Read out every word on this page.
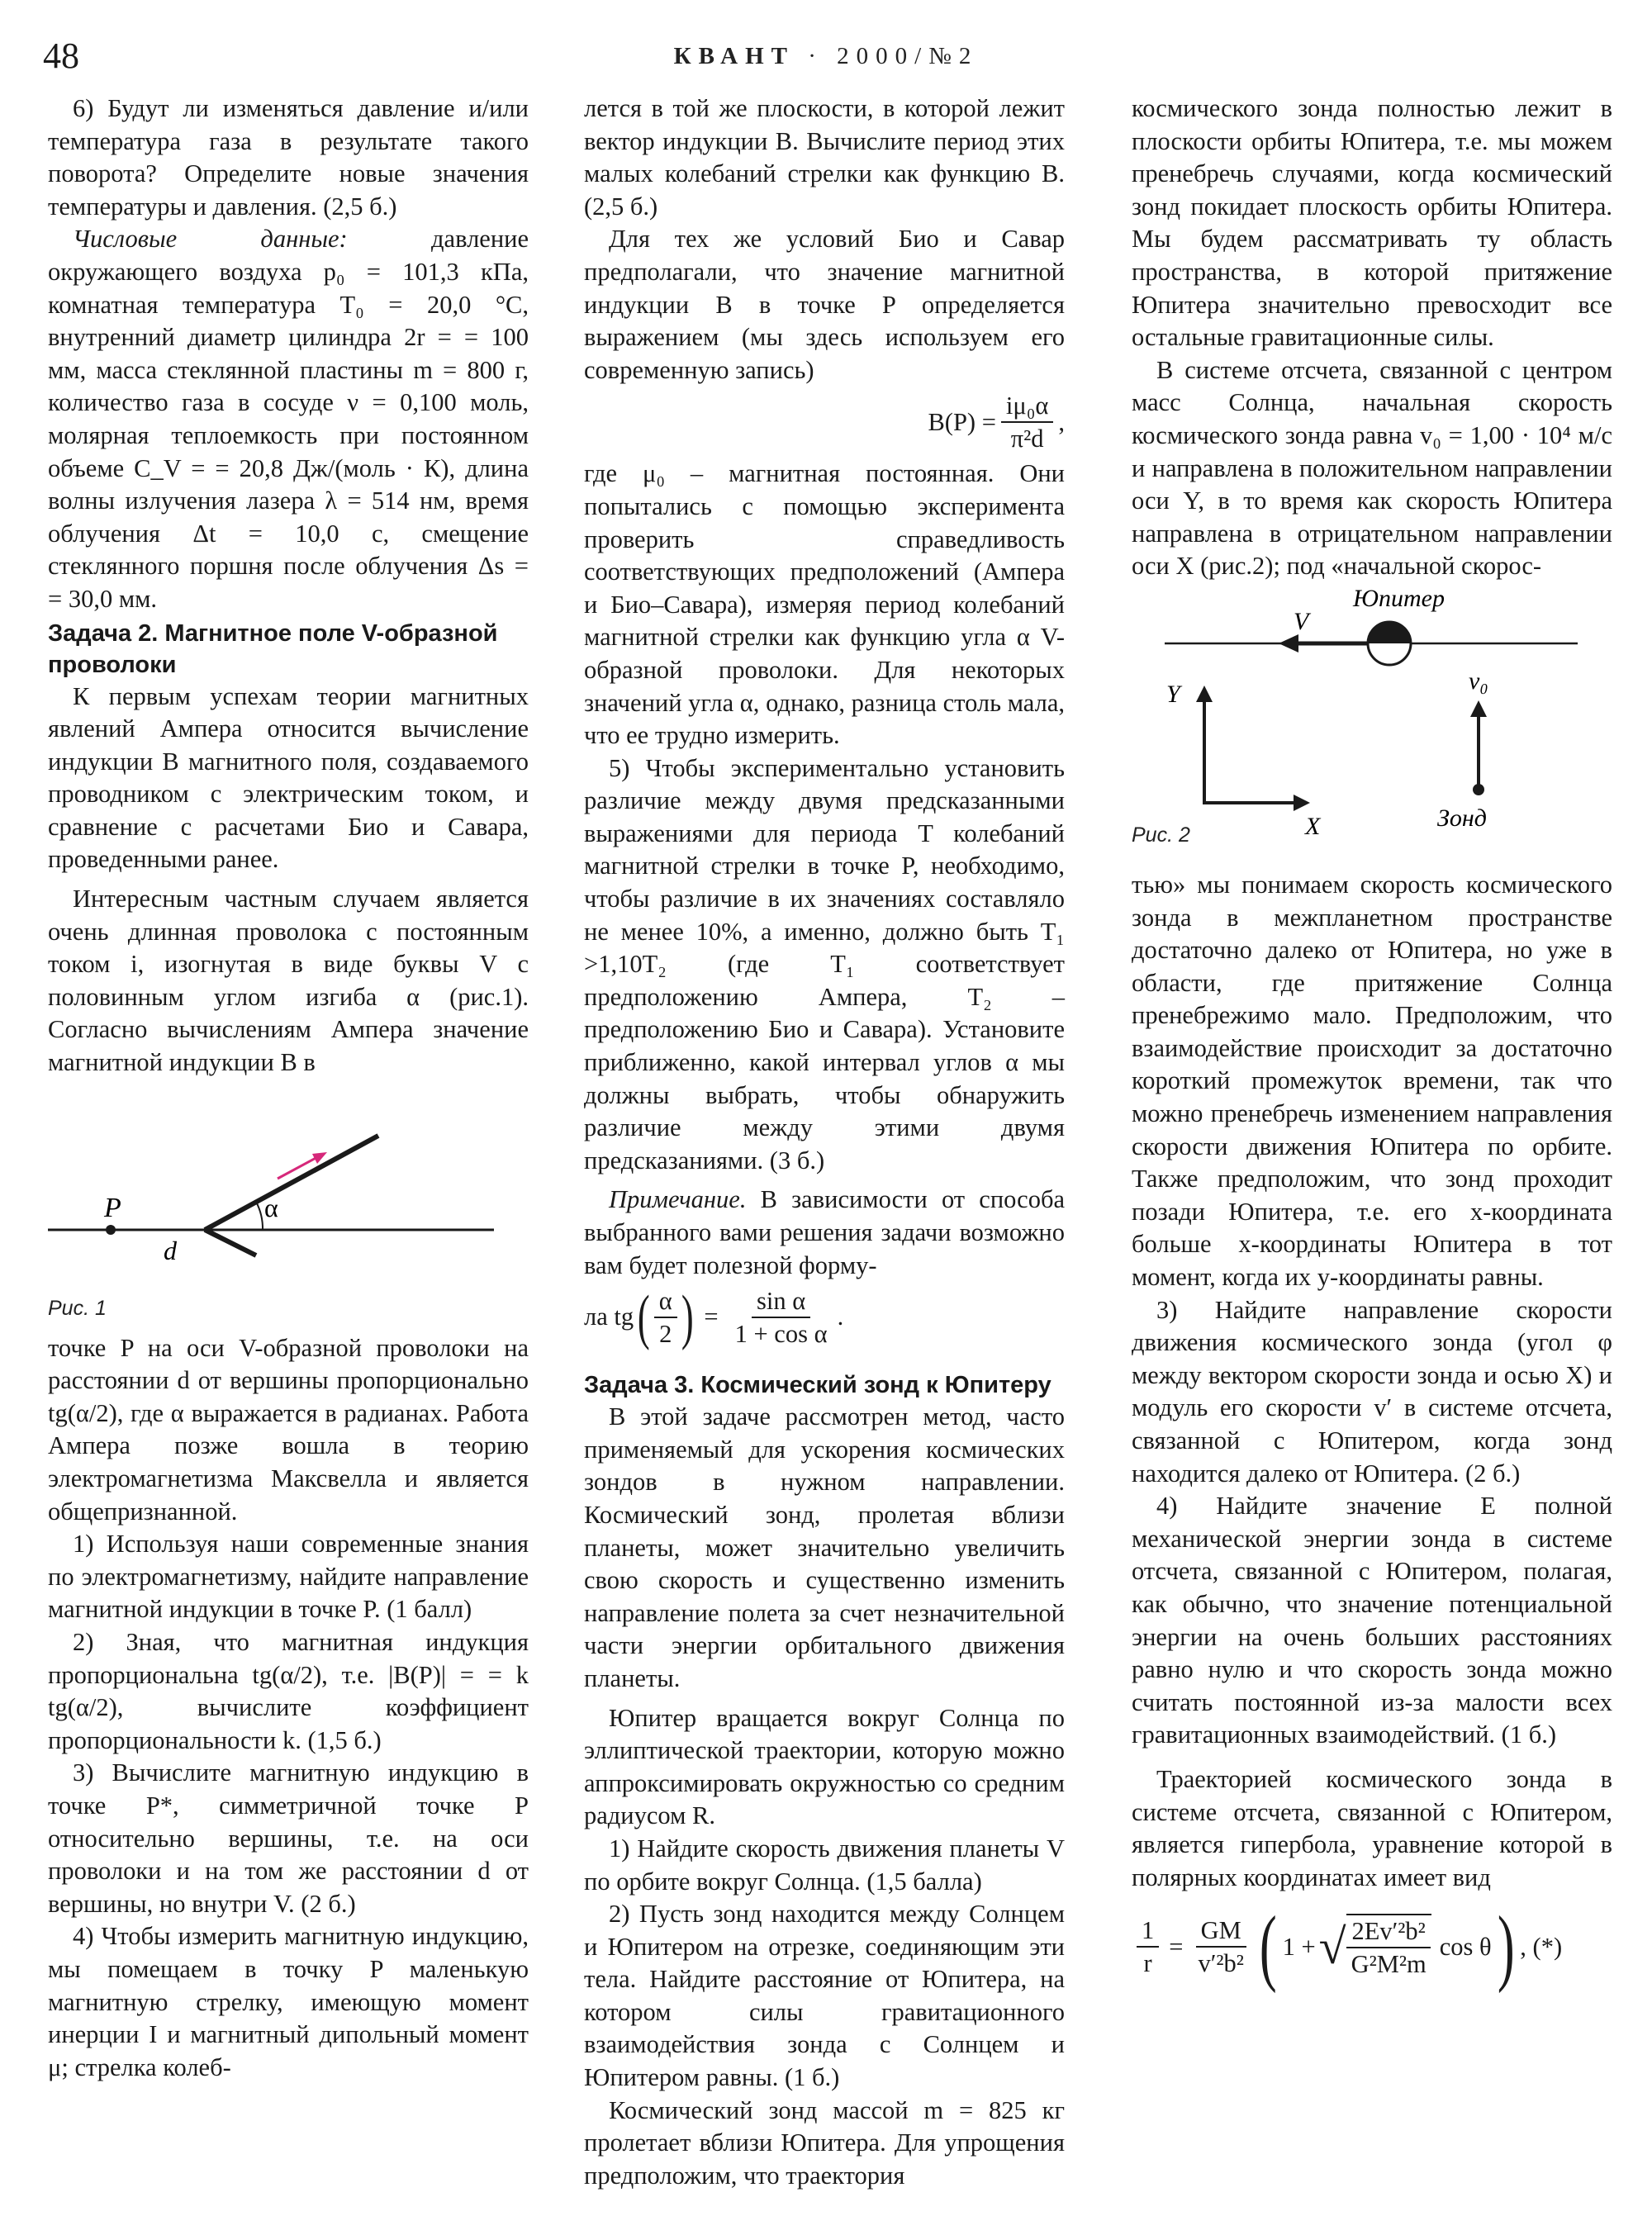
48	КВАНТ · 2000/№2

6) Будут ли изменяться давление и/или температура газа в результате такого поворота? Определите новые значения температуры и давления. (2,5 б.)

Числовые данные:	давление окружающего воздуха p₀ = 101,3 кПа, комнатная температура T₀ = 20,0 °С, внутренний диаметр цилиндра 2r = = 100 мм, масса стеклянной пластины m = 800 г, количество газа в сосуде ν = 0,100 моль, молярная теплоемкость при постоянном объеме C_V = = 20,8 Дж/(моль · К), длина волны излучения лазера λ = 514 нм, время облучения Δt = 10,0 с, смещение стеклянного поршня после облучения Δs = = 30,0 мм.

Задача 2. Магнитное поле V-образной проволоки

К первым успехам теории магнитных явлений Ампера относится вычисление индукции B магнитного поля, создаваемого проводником с электрическим током, и сравнение с расчетами Био и Савара, проведенными ранее.

Интересным частным случаем является очень длинная проволока с постоянным током i, изогнутая в виде буквы V с половинным углом изгиба α (рис.1). Согласно вычислениям Ампера значение магнитной индукции B в

P
d
α
Рис. 1

точке P на оси V-образной проволоки на расстоянии d от вершины пропорционально tg(α/2), где α выражается в радианах. Работа Ампера позже вошла в теорию электромагнетизма Максвелла и является общепризнанной.

1) Используя наши современные знания по электромагнетизму, найдите направление магнитной индукции в точке P. (1 балл)

2) Зная, что магнитная индукция пропорциональна tg(α/2), т.е. |B(P)| = = k tg(α/2), вычислите коэффициент пропорциональности k. (1,5 б.)

3) Вычислите магнитную индукцию в точке P*, симметричной точке P относительно вершины, т.е. на оси проволоки и на том же расстоянии d от вершины, но внутри V. (2 б.)

4) Чтобы измерить магнитную индукцию, мы помещаем в точку P маленькую магнитную стрелку, имеющую момент инерции I и магнитный дипольный момент μ; стрелка колеб-

лется в той же плоскости, в которой лежит вектор индукции B. Вычислите период этих малых колебаний стрелки как функцию B. (2,5 б.)

Для тех же условий Био и Савар предполагали, что значение магнитной индукции B в точке P определяется выражением (мы здесь используем его современную запись)

$B(P) = \frac{\text{iμ₀α}}{\text{π²d}}$ ,

где μ₀ – магнитная постоянная. Они попытались с помощью эксперимента проверить справедливость соответствующих предположений (Ампера и Био–Савара), измеряя период колебаний магнитной стрелки как функцию угла α V-образной проволоки. Для некоторых значений угла α, однако, разница столь мала, что ее трудно измерить.

5) Чтобы экспериментально установить различие между двумя предсказанными выражениями для периода T колебаний магнитной стрелки в точке P, необходимо, чтобы различие в их значениях составляло не менее 10%, а именно, должно быть T₁ >1,10T₂ (где T₁ соответствует предположению Ампера, T₂ – предположению Био и Савара). Установите приближенно, какой интервал углов α мы должны выбрать, чтобы обнаружить различие между этими двумя предсказаниями. (3 б.)

Примечание. В зависимости от способа выбранного вами решения задачи возможно вам будет полезной форму-

ла tg ( $\frac{\alpha}{2}$ ) = $\frac{\text{sin α}}{\text{1 + cos α}}$ .
Задача 3. Космический зонд к Юпитеру

В этой задаче рассмотрен метод, часто применяемый для ускорения космических зондов в нужном направлении. Космический зонд, пролетая вблизи планеты, может значительно увеличить свою скорость и существенно изменить направление полета за счет незначительной части энергии орбитального движения планеты.

Юпитер вращается вокруг Солнца по эллиптической траектории, которую можно аппроксимировать окружностью со средним радиусом R.

1) Найдите скорость движения планеты V по орбите вокруг Солнца. (1,5 балла)

2) Пусть зонд находится между Солнцем и Юпитером на отрезке, соединяющим эти тела. Найдите расстояние от Юпитера, на котором силы гравитационного взаимодействия зонда с Солнцем и Юпитером равны. (1 б.)

Космический зонд массой m = 825 кг пролетает вблизи Юпитера. Для упрощения предположим, что траектория

космического зонда полностью лежит в плоскости орбиты Юпитера, т.е. мы можем пренебречь случаями, когда космический зонд покидает плоскость орбиты Юпитера. Мы будем рассматривать ту область пространства, в которой притяжение Юпитера значительно превосходит все остальные гравитационные силы.

В системе отсчета, связанной с центром масс Солнца, начальная скорость космического зонда равна v₀ = 1,00 · 10⁴ м/с и направлена в положительном направлении оси Y, в то время как скорость Юпитера направлена в отрицательном направлении оси X (рис.2); под «начальной скорос-

Юпитер
V
Y
X
v₀
Зонд
Рис. 2

тью» мы понимаем скорость космического зонда в межпланетном пространстве достаточно далеко от Юпитера, но уже в области, где притяжение Солнца пренебрежимо мало. Предположим, что взаимодействие происходит за достаточно короткий промежуток времени, так что можно пренебречь изменением направления скорости движения Юпитера по орбите. Также предположим, что зонд проходит позади Юпитера, т.е. его x-координата больше x-координаты Юпитера в тот момент, когда их y-координаты равны.

3) Найдите направление скорости движения космического зонда (угол φ между вектором скорости зонда и осью X) и модуль его скорости v′ в системе отсчета, связанной с Юпитером, когда зонд находится далеко от Юпитера. (2 б.)

4) Найдите значение E полной механической энергии зонда в системе отсчета, связанной с Юпитером, полагая, как обычно, что значение потенциальной энергии на очень больших расстояниях равно нулю и что скорость зонда можно считать постоянной из-за малости всех гравитационных взаимодействий. (1 б.)

Траекторией космического зонда в системе отсчета, связанной с Юпитером, является гипербола, уравнение которой в полярных координатах имеет вид

$\frac{1}{r} = \frac{GM}{\text{v′²b²}}$ ( 1 + √ $\frac{\text{2Ev′²b²}}{\text{G²M²m}}$ cos θ ) , (*)
